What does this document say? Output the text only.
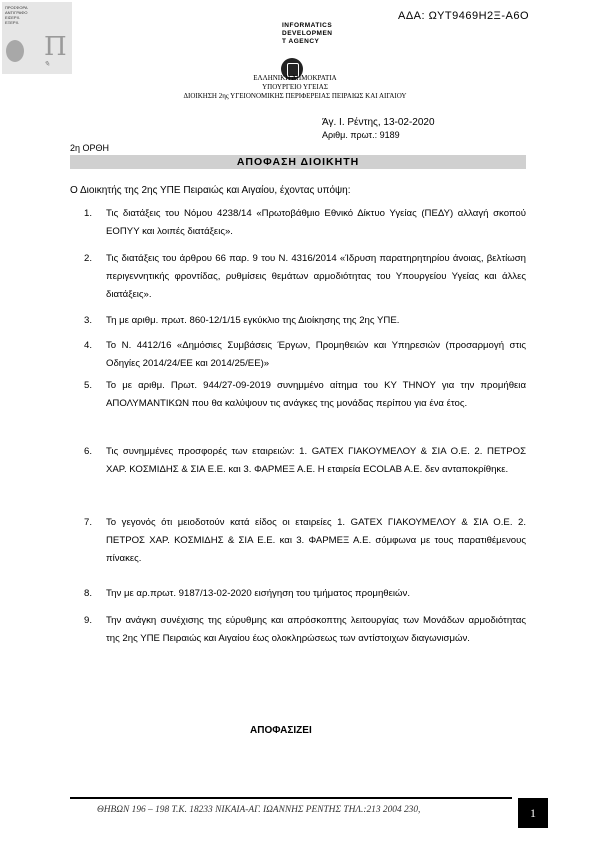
ΠΡΟΣΦΟΡΑ
ΑΝΤΙΓΡΑΦΟ
ΕΙΣΕΡΧ.
ΕΞΕΡΧ.
Π
✎
ΑΔΑ: ΩΥΤ9469Η2Ξ-Α6Ο
INFORMATICS
DEVELOPMEN
T AGENCY
ΕΛΛΗΝΙΚΗ ΔΗΜΟΚΡΑΤΙΑ
ΥΠΟΥΡΓΕΙΟ ΥΓΕΙΑΣ
ΔΙΟΙΚΗΣΗ 2ης ΥΓΕΙΟΝΟΜΙΚΗΣ ΠΕΡΙΦΕΡΕΙΑΣ ΠΕΙΡΑΙΩΣ ΚΑΙ ΑΙΓΑΙΟΥ
Άγ. Ι. Ρέντης, 13-02-2020
Αριθμ. πρωτ.: 9189
2η ΟΡΘΗ
ΑΠΟΦΑΣΗ ΔΙΟΙΚΗΤΗ
Ο Διοικητής της 2ης ΥΠΕ Πειραιώς και Αιγαίου, έχοντας υπόψη:
1. Τις διατάξεις του Νόμου 4238/14 «Πρωτοβάθμιο Εθνικό Δίκτυο Υγείας (ΠΕΔΥ) αλλαγή σκοπού ΕΟΠΥΥ και λοιπές διατάξεις».
2. Τις διατάξεις του άρθρου 66 παρ. 9 του Ν. 4316/2014 «Ίδρυση παρατηρητηρίου άνοιας, βελτίωση περιγεννητικής φροντίδας, ρυθμίσεις θεμάτων αρμοδιότητας του Υπουργείου Υγείας και άλλες διατάξεις».
3. Τη με αριθμ. πρωτ. 860-12/1/15 εγκύκλιο της Διοίκησης της 2ης ΥΠΕ.
4. Το Ν. 4412/16 «Δημόσιες Συμβάσεις Έργων, Προμηθειών και Υπηρεσιών (προσαρμογή στις Οδηγίες 2014/24/ΕΕ και 2014/25/ΕΕ)»
5. Το με αριθμ. Πρωτ. 944/27-09-2019 συνημμένο αίτημα του ΚΥ ΤΗΝΟΥ για την προμήθεια ΑΠΟΛΥΜΑΝΤΙΚΩΝ που θα καλύψουν τις ανάγκες της μονάδας περίπου για ένα έτος.
6. Τις συνημμένες προσφορές των εταιρειών: 1. GATEX ΓΙΑΚΟΥΜΕΛΟΥ & ΣΙΑ Ο.Ε. 2. ΠΕΤΡΟΣ ΧΑΡ. ΚΟΣΜΙΔΗΣ & ΣΙΑ Ε.Ε. και 3. ΦΑΡΜΕΞ Α.Ε. Η εταιρεία ECOLAB A.E. δεν ανταποκρίθηκε.
7. Το γεγονός ότι μειοδοτούν κατά είδος οι εταιρείες 1. GATEX ΓΙΑΚΟΥΜΕΛΟΥ & ΣΙΑ Ο.Ε. 2. ΠΕΤΡΟΣ ΧΑΡ. ΚΟΣΜΙΔΗΣ & ΣΙΑ Ε.Ε. και 3. ΦΑΡΜΕΞ Α.Ε. σύμφωνα με τους παρατιθέμενους πίνακες.
8. Την με αρ.πρωτ. 9187/13-02-2020 εισήγηση του τμήματος προμηθειών.
9. Την ανάγκη συνέχισης της εύρυθμης και απρόσκοπτης λειτουργίας των Μονάδων αρμοδιότητας της 2ης ΥΠΕ Πειραιώς και Αιγαίου έως ολοκληρώσεως των αντίστοιχων διαγωνισμών.
ΑΠΟΦΑΣΙΖΕΙ
ΘΗΒΩΝ 196 – 198 Τ.Κ. 18233 ΝΙΚΑΙΑ-ΑΓ. ΙΩΑΝΝΗΣ ΡΕΝΤΗΣ ΤΗΛ.:213 2004 230,	1
